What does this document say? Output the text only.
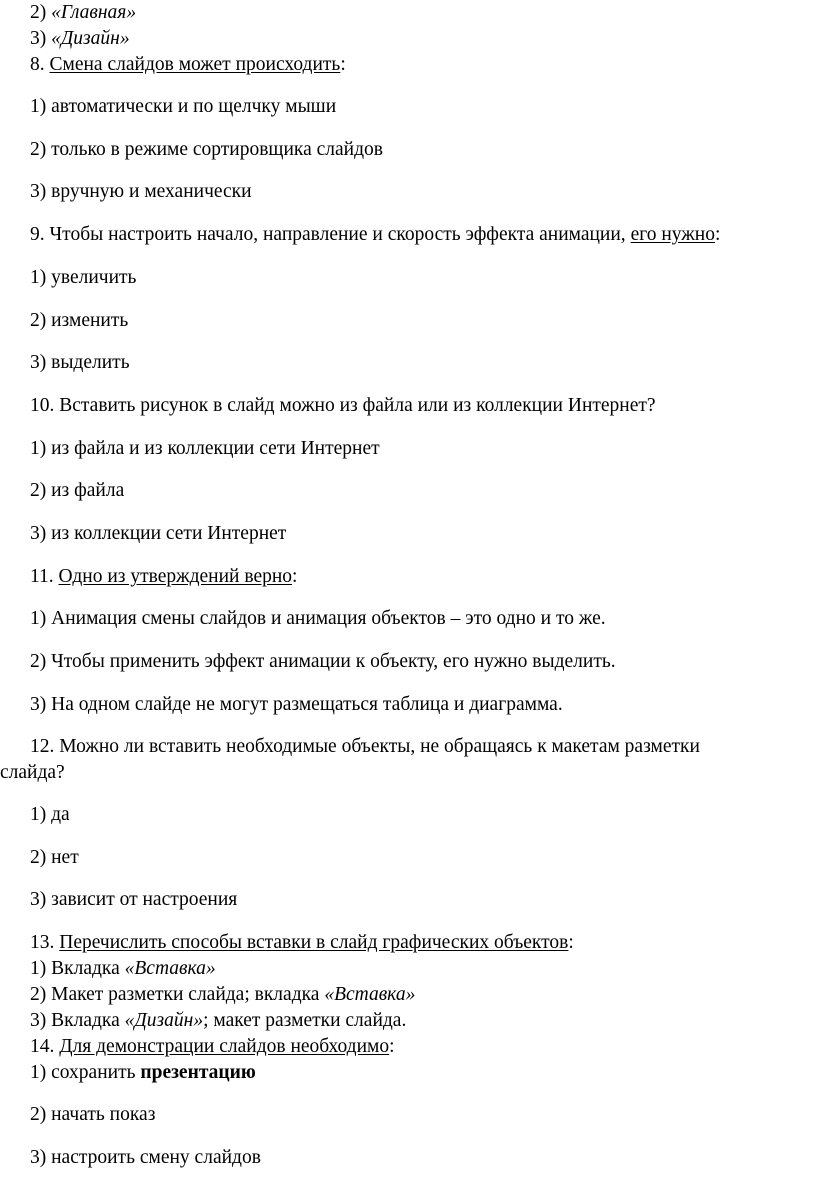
2) «Главная»
3) «Дизайн»
8. Смена слайдов может происходить:
1) автоматически и по щелчку мыши
2) только в режиме сортировщика слайдов
3) вручную и механически
9. Чтобы настроить начало, направление и скорость эффекта анимации, его нужно:
1) увеличить
2) изменить
3) выделить
10. Вставить рисунок в слайд можно из файла или из коллекции Интернет?
1) из файла и из коллекции сети Интернет
2) из файла
3) из коллекции сети Интернет
11. Одно из утверждений верно:
1) Анимация смены слайдов и анимация объектов – это одно и то же.
2) Чтобы применить эффект анимации к объекту, его нужно выделить.
3) На одном слайде не могут размещаться таблица и диаграмма.
12. Можно ли вставить необходимые объекты, не обращаясь к макетам разметки
слайда?
1) да
2) нет
3) зависит от настроения
13. Перечислить способы вставки в слайд графических объектов:
1) Вкладка «Вставка»
2) Макет разметки слайда; вкладка «Вставка»
3) Вкладка «Дизайн»; макет разметки слайда.
14. Для демонстрации слайдов необходимо:
1) сохранить презентацию
2) начать показ
3) настроить смену слайдов
